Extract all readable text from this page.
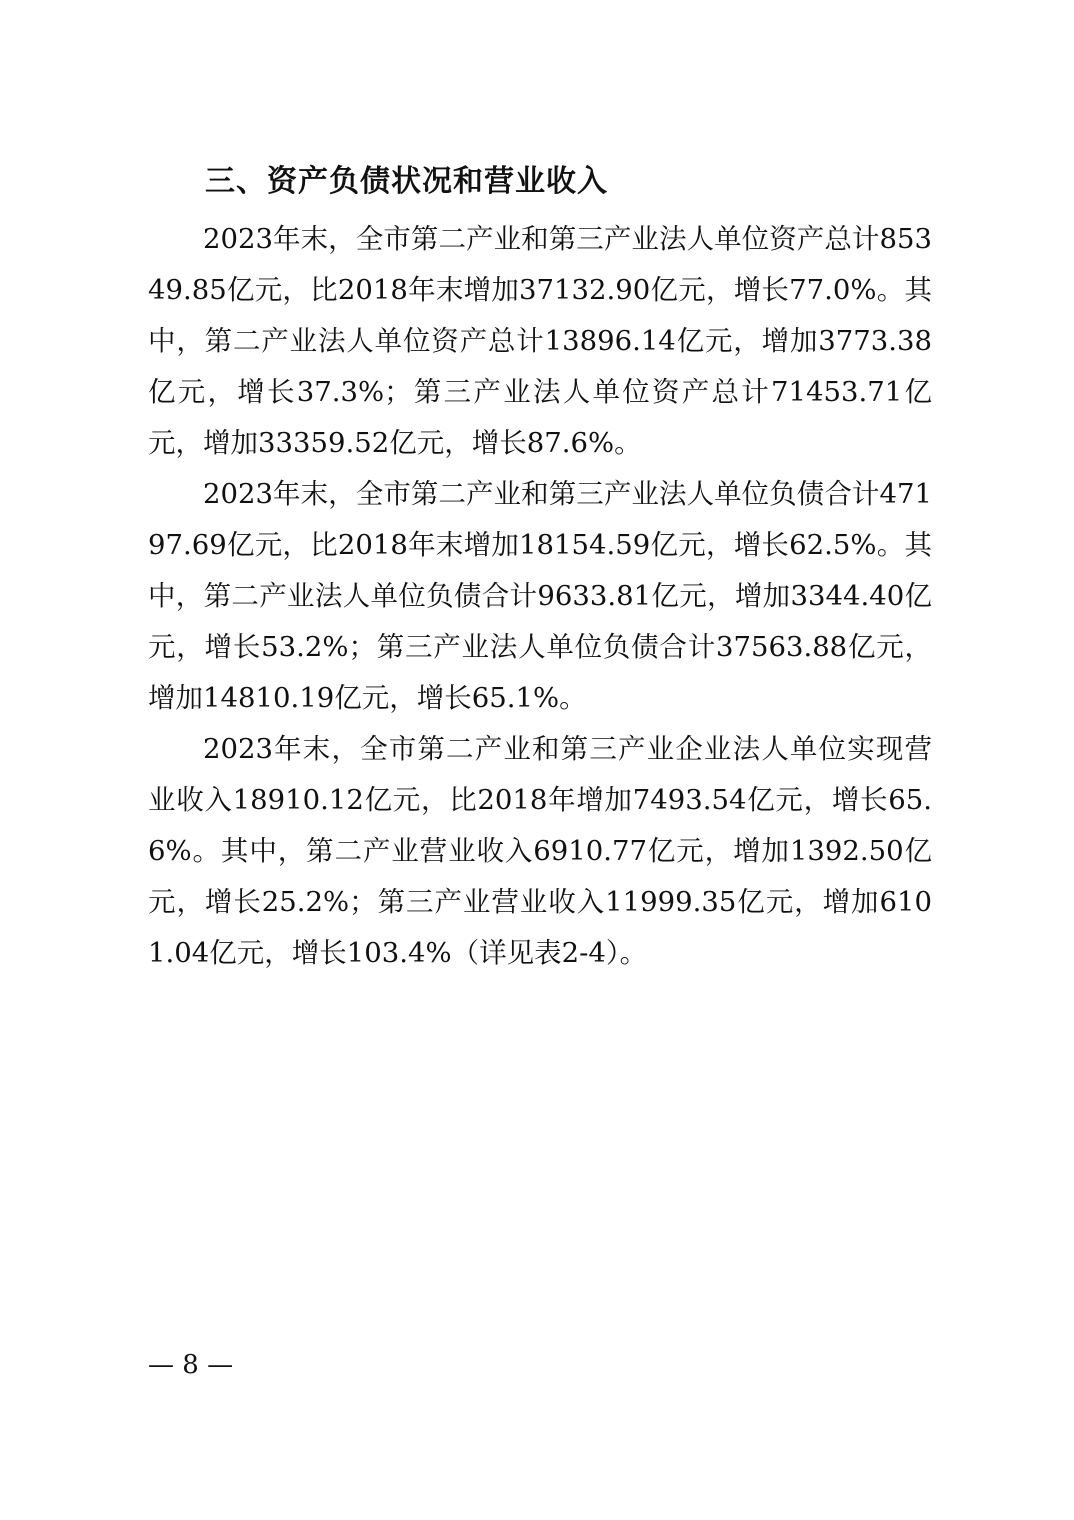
三、资产负债状况和营业收入

2023年末，全市第二产业和第三产业法人单位资产总计85349.85亿元，比2018年末增加37132.90亿元，增长77.0%。其中，第二产业法人单位资产总计13896.14亿元，增加3773.38亿元，增长37.3%；第三产业法人单位资产总计71453.71亿元，增加33359.52亿元，增长87.6%。

2023年末，全市第二产业和第三产业法人单位负债合计47197.69亿元，比2018年末增加18154.59亿元，增长62.5%。其中，第二产业法人单位负债合计9633.81亿元，增加3344.40亿元，增长53.2%；第三产业法人单位负债合计37563.88亿元，增加14810.19亿元，增长65.1%。

2023年末，全市第二产业和第三产业企业法人单位实现营业收入18910.12亿元，比2018年增加7493.54亿元，增长65.6%。其中，第二产业营业收入6910.77亿元，增加1392.50亿元，增长25.2%；第三产业营业收入11999.35亿元，增加6101.04亿元，增长103.4%（详见表2-4）。

— 8 —
